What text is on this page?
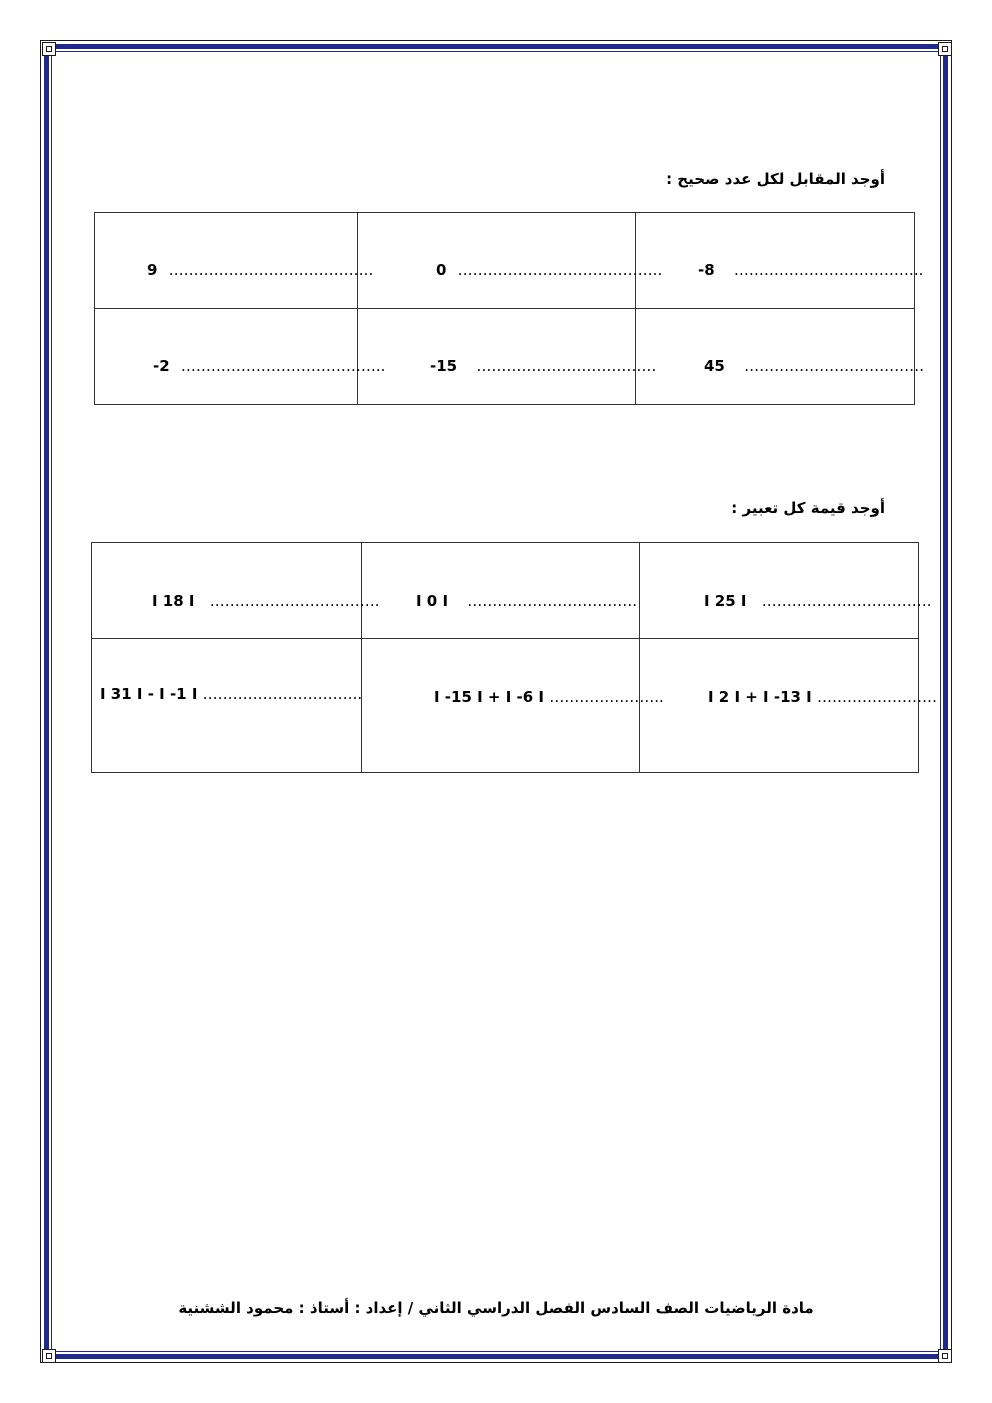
أوجد المقابل لكل عدد صحيح :
9 …………………………………..	0 …………………………………..	-8 ………………………………..

-2 …………………………………..	-15 ………………………………	45 ………………………………
أوجد قيمة كل تعبير :
I 18 I …………………………….	I 0 I …………………………….	I 25 I …………………………….

I 31 I - I -1 I …………………………..	I -15 I + I -6 I …………………..	I 2 I + I -13 I ……………………
مادة الرياضيات الصف السادس الفصل الدراسي الثاني / إعداد : أستاذ : محمود الششنية
